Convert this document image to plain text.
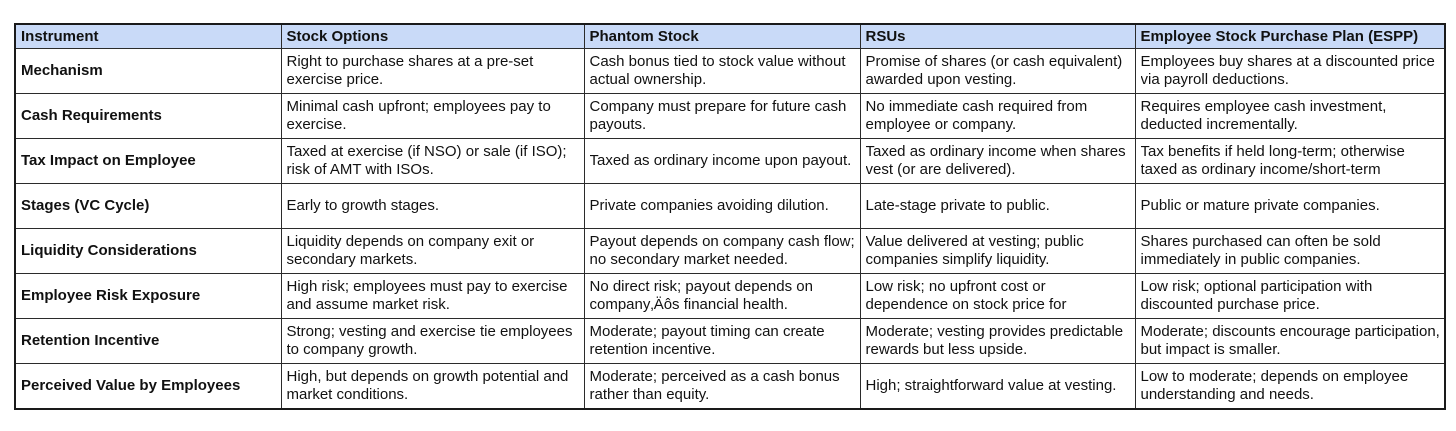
Instrument	Stock Options	Phantom Stock	RSUs	Employee Stock Purchase Plan (ESPP)
Mechanism	Right to purchase shares at a pre-set exercise price.	Cash bonus tied to stock value without actual ownership.	Promise of shares (or cash equivalent) awarded upon vesting.	Employees buy shares at a discounted price via payroll deductions.

Cash Requirements	Minimal cash upfront; employees pay to exercise.	Company must prepare for future cash payouts.	No immediate cash required from employee or company.	Requires employee cash investment, deducted incrementally.

Tax Impact on Employee	Taxed at exercise (if NSO) or sale (if ISO); risk of AMT with ISOs.	Taxed as ordinary income upon payout.	Taxed as ordinary income when shares vest (or are delivered).	Tax benefits if held long-term; otherwise taxed as ordinary income/short-term

Stages (VC Cycle)	Early to growth stages.	Private companies avoiding dilution.	Late-stage private to public.	Public or mature private companies.

Liquidity Considerations	Liquidity depends on company exit or secondary markets.	Payout depends on company cash flow; no secondary market needed.	Value delivered at vesting; public companies simplify liquidity.	Shares purchased can often be sold immediately in public companies.

Employee Risk Exposure	High risk; employees must pay to exercise and assume market risk.	No direct risk; payout depends on company‚Äôs financial health.	Low risk; no upfront cost or dependence on stock price for	Low risk; optional participation with discounted purchase price.

Retention Incentive	Strong; vesting and exercise tie employees to company growth.	Moderate; payout timing can create retention incentive.	Moderate; vesting provides predictable rewards but less upside.	Moderate; discounts encourage participation, but impact is smaller.

Perceived Value by Employees	High, but depends on growth potential and market conditions.	Moderate; perceived as a cash bonus rather than equity.	High; straightforward value at vesting.	Low to moderate; depends on employee understanding and needs.
